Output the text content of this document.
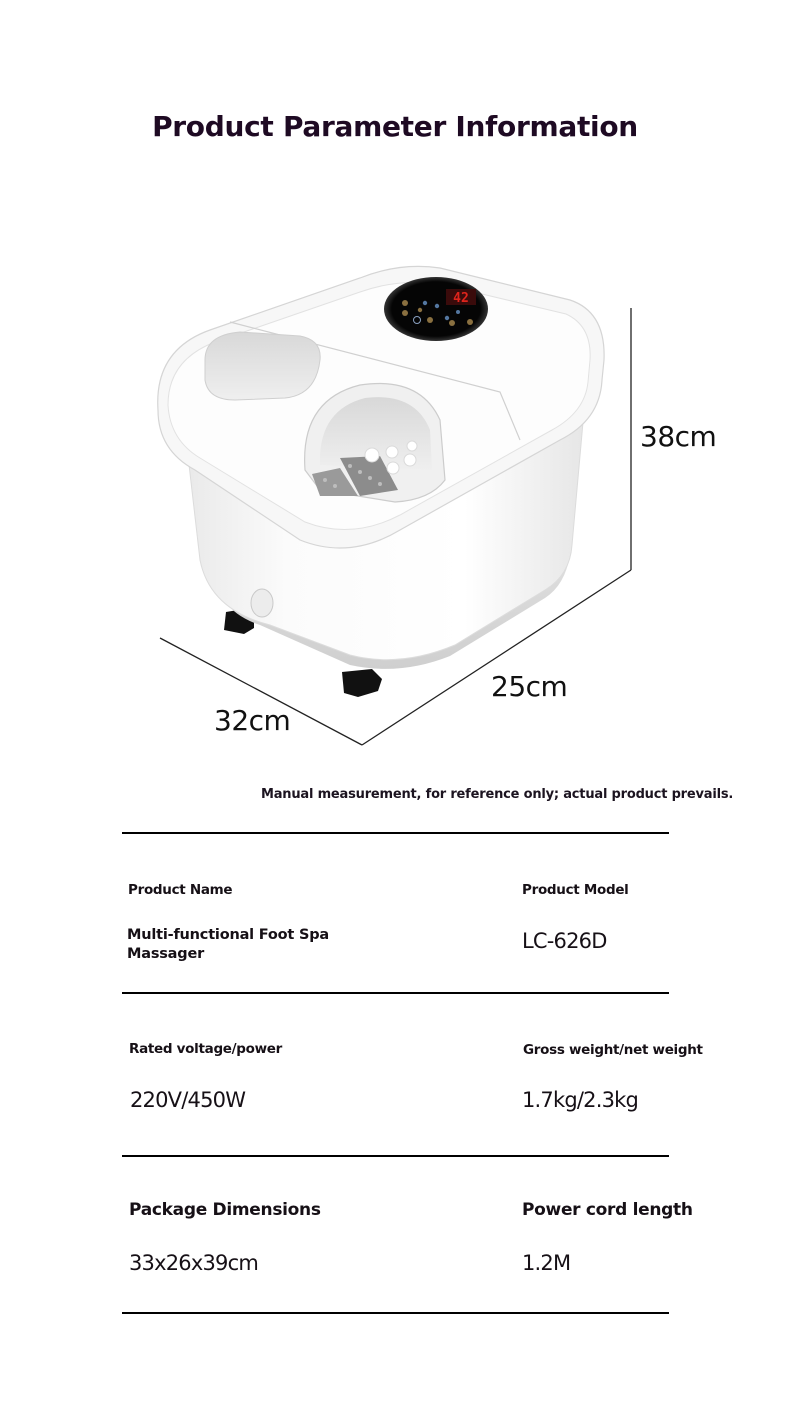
Product Parameter Information
42
38cm
25cm
32cm

Manual measurement, for reference only; actual product prevails.

Product Name
Multi-functional Foot Spa Massager
Product Model
LC-626D
Rated voltage/power
220V/450W
Gross weight/net weight
1.7kg/2.3kg
Package Dimensions
33x26x39cm
Power cord length
1.2M
